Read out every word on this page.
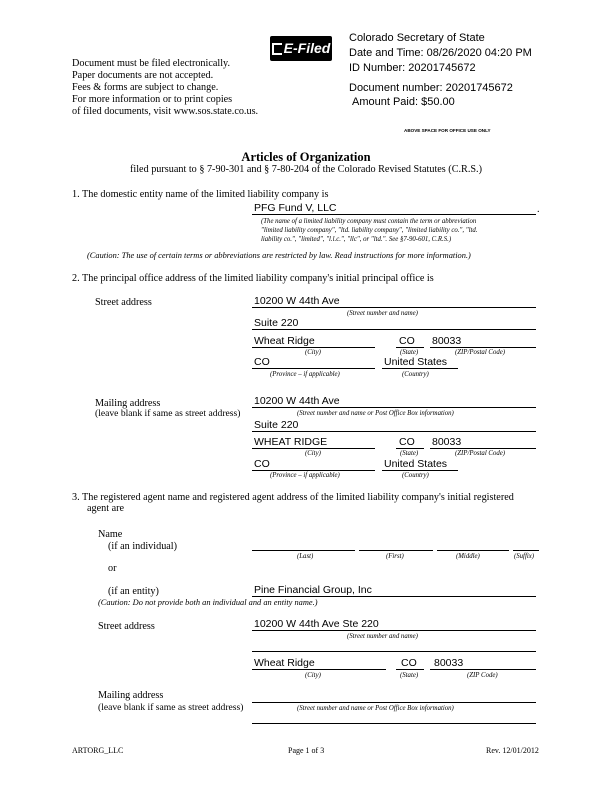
E-Filed
Document must be filed electronically.
Paper documents are not accepted.
Fees & forms are subject to change.
For more information or to print copies
of filed documents, visit www.sos.state.co.us.
Colorado Secretary of State
Date and Time: 08/26/2020 04:20 PM
ID Number: 20201745672
Document number: 20201745672
Amount Paid: $50.00
ABOVE SPACE FOR OFFICE USE ONLY
Articles of Organization
filed pursuant to § 7-90-301 and § 7-80-204 of the Colorado Revised Statutes (C.R.S.)
1. The domestic entity name of the limited liability company is
PFG Fund V, LLC	.
(The name of a limited liability company must contain the term or abbreviation
"limited liability company", "ltd. liability company", "limited liability co.", "ltd.
liability co.", "limited", "l.l.c.", "llc", or "ltd.". See §7-90-601, C.R.S.)
(Caution: The use of certain terms or abbreviations are restricted by law. Read instructions for more information.)
2. The principal office address of the limited liability company's initial principal office is
Street address	10200 W 44th Ave
(Street number and name)
Suite 220
Wheat Ridge	CO 80033
(City)	(State)	(ZIP/Postal Code)
CO	United States
(Province – if applicable)	(Country)
Mailing address
(leave blank if same as street address)
10200 W 44th Ave
(Street number and name or Post Office Box information)
Suite 220
WHEAT RIDGE	CO 80033
(City)	(State)	(ZIP/Postal Code)
CO	United States
(Province – if applicable)	(Country)
3. The registered agent name and registered agent address of the limited liability company's initial registered
agent are
Name
(if an individual)
(Last)	(First)	(Middle)	(Suffix)
or
(if an entity)	Pine Financial Group, Inc
(Caution: Do not provide both an individual and an entity name.)
Street address	10200 W 44th Ave Ste 220
(Street number and name)
Wheat Ridge	CO 80033
(City)	(State)	(ZIP Code)
Mailing address
(leave blank if same as street address)	(Street number and name or Post Office Box information)
ARTORG_LLC	Page 1 of 3	Rev. 12/01/2012
